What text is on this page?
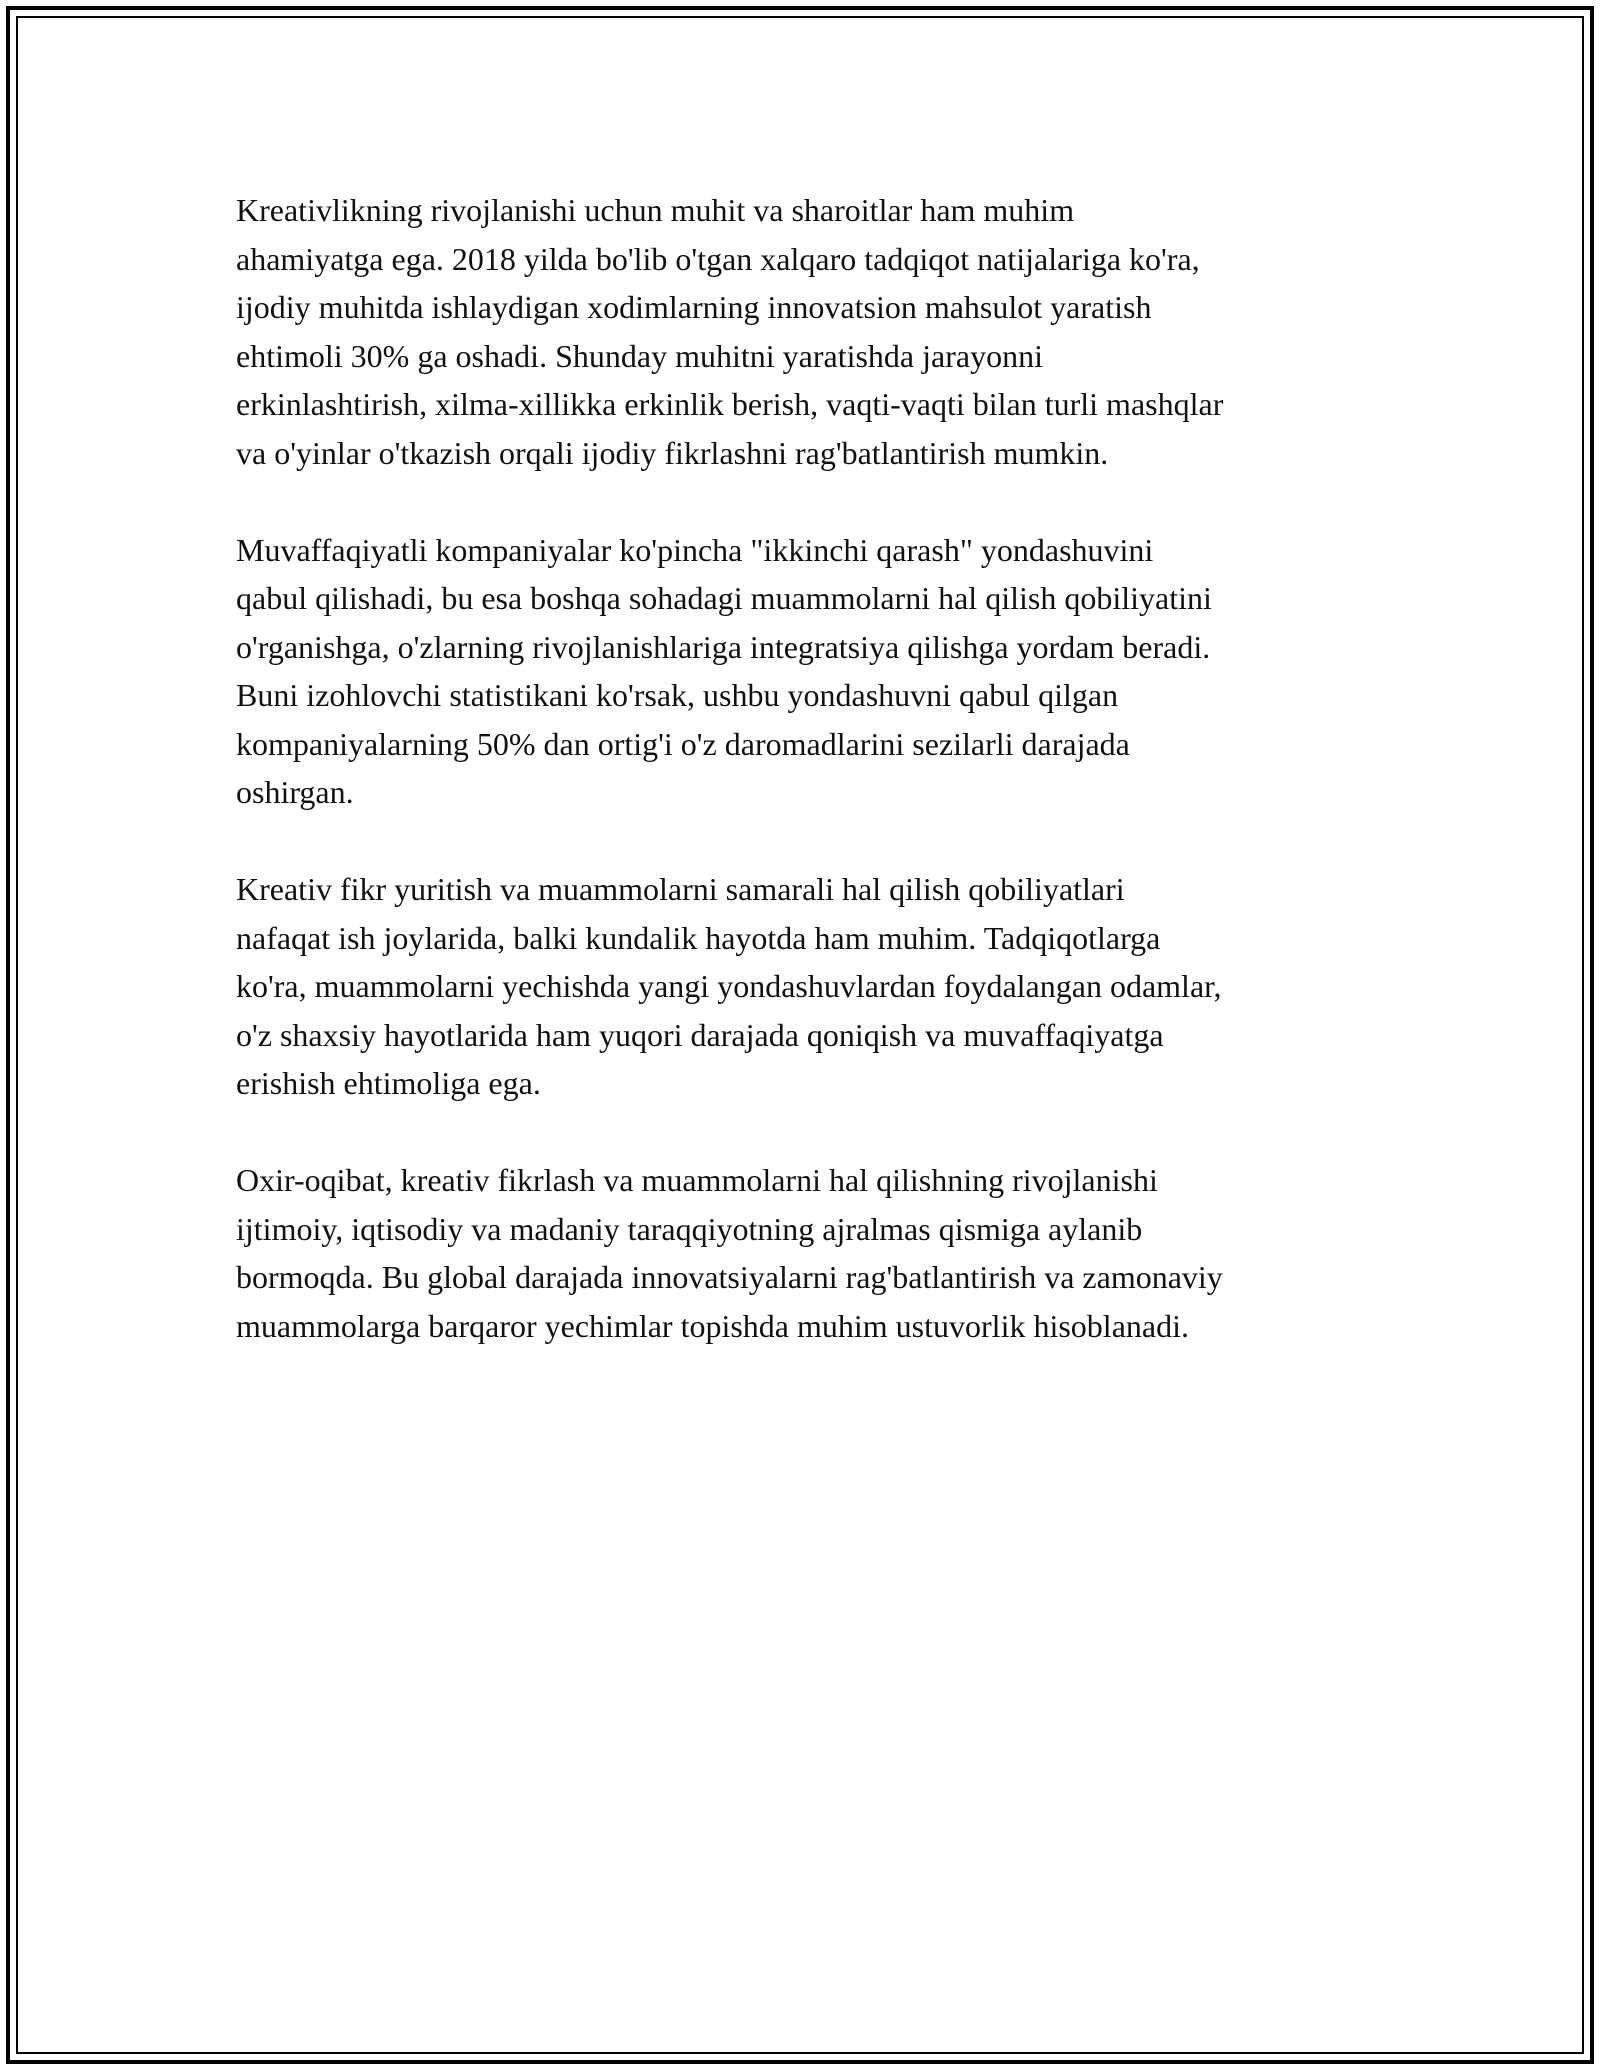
Kreativlikning rivojlanishi uchun muhit va sharoitlar ham muhim
ahamiyatga ega. 2018 yilda bo'lib o'tgan xalqaro tadqiqot natijalariga ko'ra,
ijodiy muhitda ishlaydigan xodimlarning innovatsion mahsulot yaratish
ehtimoli 30% ga oshadi. Shunday muhitni yaratishda jarayonni
erkinlashtirish, xilma-xillikka erkinlik berish, vaqti-vaqti bilan turli mashqlar
va o'yinlar o'tkazish orqali ijodiy fikrlashni rag'batlantirish mumkin.

Muvaffaqiyatli kompaniyalar ko'pincha "ikkinchi qarash" yondashuvini
qabul qilishadi, bu esa boshqa sohadagi muammolarni hal qilish qobiliyatini
o'rganishga, o'zlarning rivojlanishlariga integratsiya qilishga yordam beradi.
Buni izohlovchi statistikani ko'rsak, ushbu yondashuvni qabul qilgan
kompaniyalarning 50% dan ortig'i o'z daromadlarini sezilarli darajada
oshirgan.

Kreativ fikr yuritish va muammolarni samarali hal qilish qobiliyatlari
nafaqat ish joylarida, balki kundalik hayotda ham muhim. Tadqiqotlarga
ko'ra, muammolarni yechishda yangi yondashuvlardan foydalangan odamlar,
o'z shaxsiy hayotlarida ham yuqori darajada qoniqish va muvaffaqiyatga
erishish ehtimoliga ega.

Oxir-oqibat, kreativ fikrlash va muammolarni hal qilishning rivojlanishi
ijtimoiy, iqtisodiy va madaniy taraqqiyotning ajralmas qismiga aylanib
bormoqda. Bu global darajada innovatsiyalarni rag'batlantirish va zamonaviy
muammolarga barqaror yechimlar topishda muhim ustuvorlik hisoblanadi.
